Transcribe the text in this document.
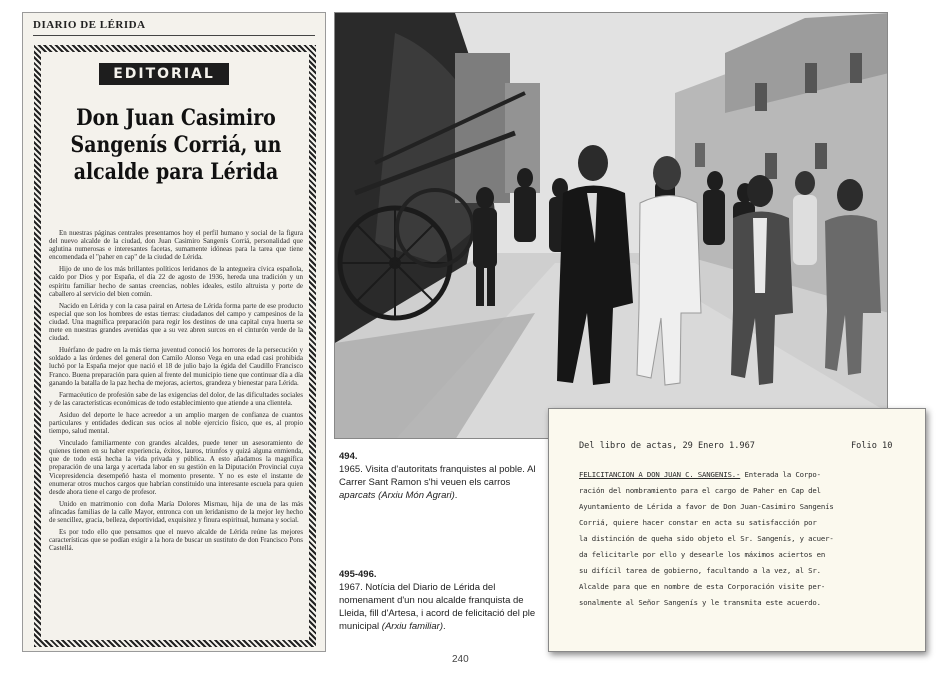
DIARIO DE LÉRIDA
EDITORIAL
Don Juan Casimiro Sangenís Corriá, un alcalde para Lérida

En nuestras páginas centrales presentamos hoy el perfil humano y social de la figura del nuevo alcalde de la ciudad, don Juan Casimiro Sangenís Corriá, personalidad que aglutina numerosas e interesantes facetas, sumamente idóneas para la tarea que tiene encomendada el "paher en cap" de la ciudad de Lérida.

Hijo de uno de los más brillantes políticos leridanos de la antegueira cívica española, caído por Dios y por España, el día 22 de agosto de 1936, hereda una tradición y un espíritu familiar hecho de santas creencias, nobles ideales, estilo altruista y porte de caballero al servicio del bien común.

Nacido en Lérida y con la casa pairal en Artesa de Lérida forma parte de ese producto especial que son los hombres de estas tierras: ciudadanos del campo y campesinos de la ciudad. Una magnífica preparación para regir los destinos de una capital cuya huerta se mete en nuestras grandes avenidas que a su vez abren surcos en el cinturón verde de la ciudad.

Huérfano de padre en la más tierna juventud conoció los horrores de la persecución y soldado a las órdenes del general don Camilo Alonso Vega en una edad casi prohibida luchó por la España mejor que nació el 18 de julio bajo la égida del Caudillo Francisco Franco. Buena preparación para quien al frente del municipio tiene que continuar día a día ganando la batalla de la paz hecha de mejoras, aciertos, grandeza y bienestar para Lérida.

Farmacéutico de profesión sabe de las exigencias del dolor, de las dificultades sociales y de las características económicas de todo establecimiento que atiende a una clientela.

Asiduo del deporte le hace acreedor a un amplio margen de confianza de cuantos particulares y entidades dedican sus ocios al noble ejercicio físico, que es, al propio tiempo, salud mental.

Vinculado familiarmente con grandes alcaldes, puede tener un asesoramiento de quienes tienen en su haber experiencia, éxitos, lauros, triunfos y quizá alguna enmienda, que de todo está hecha la vida privada y pública. A esto añadamos la magnífica preparación de una larga y acertada labor en su gestión en la Diputación Provincial cuya Vicepresidencia desempeñó hasta el momento presente. Y no es este el instante de enumerar otros muchos cargos que habrían constituido una interesante escuela para quien desde ahora tiene el cargo de profesor.

Unido en matrimonio con doña María Dolores Misrnau, hija de una de las más afincadas familias de la calle Mayor, entronca con un leridanismo de la mejor ley hecho de sencillez, gracia, belleza, deportividad, exquisitez y finura espiritual, humana y social.

Es por todo ello que pensamos que el nuevo alcalde de Lérida reúne las mejores características que se podían exigir a la hora de buscar un sustituto de don Francisco Pons Castellá.

494.
1965. Visita d'autoritats franquistes al poble. Al Carrer Sant Ramon s'hi veuen els carros aparcats (Arxiu Món Agrari).
495-496.
1967. Notícia del Diario de Lérida del nomenament d'un nou alcalde franquista de Lleida, fill d'Artesa, i acord de felicitació del ple municipal (Arxiu familiar).
Del libro de actas, 29 Enero 1.967	Folio 10
FELICITANCION A DON JUAN C. SANGENIS.- Enterada la Corpo-
ración del nombramiento para el cargo de Paher en Cap del
Ayuntamiento de Lérida a favor de Don Juan-Casimiro Sangenís
Corriá, quiere hacer constar en acta su satisfacción por
la distinción de queha sido objeto el Sr. Sangenís, y acuer-
da felicitarle por ello y desearle los máximos aciertos en
su difícil tarea de gobierno, facultando a la vez, al Sr.
Alcalde para que en nombre de esta Corporación visite per-
sonalmente al Señor Sangenís y le transmita este acuerdo.
240
